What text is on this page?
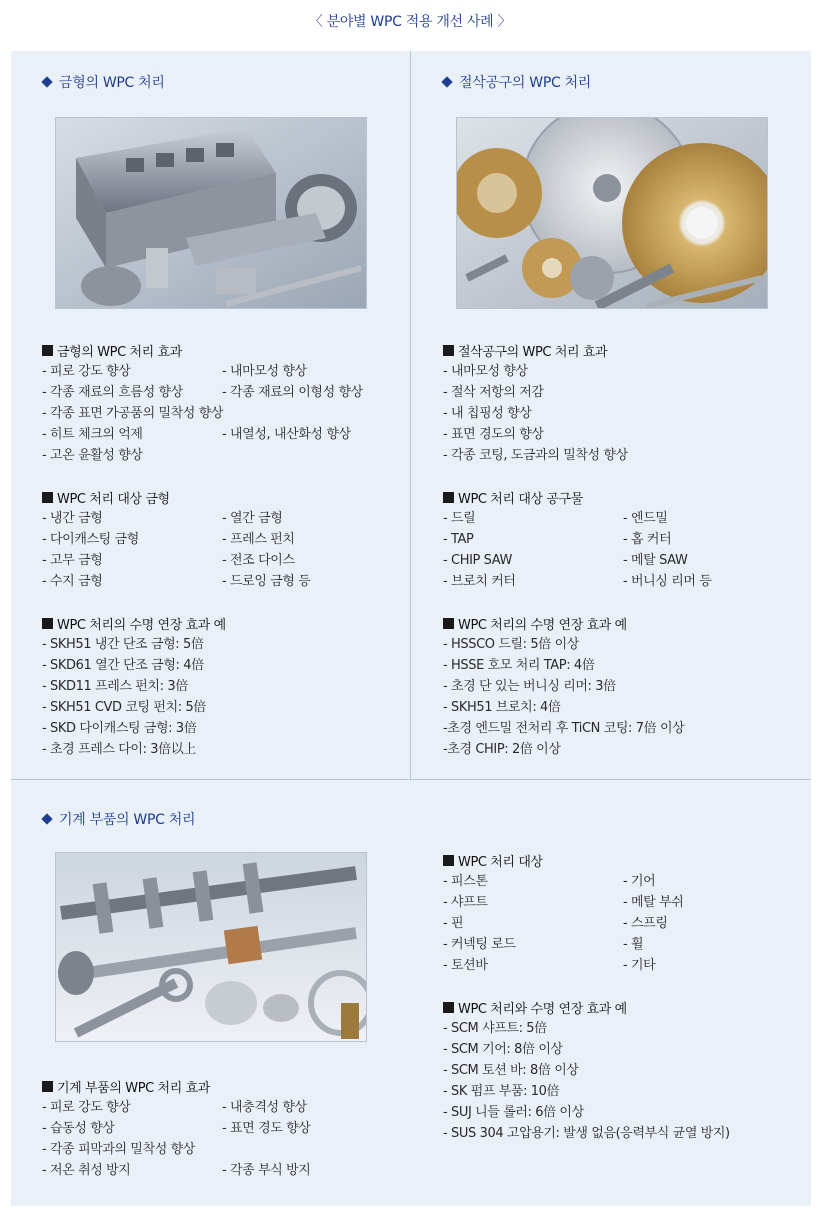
〈 분야별 WPC 적용 개선 사례 〉
금형의 WPC 처리
금형의 WPC 처리 효과
- 피로 강도 향상	- 내마모성 향상
- 각종 재료의 흐름성 향상	- 각종 재료의 이형성 향상
- 각종 표면 가공품의 밀착성 향상
- 히트 체크의 억제	- 내열성, 내산화성 향상
- 고온 윤활성 향상
WPC 처리 대상 금형
- 냉간 금형	- 열간 금형
- 다이캐스팅 금형	- 프레스 펀치
- 고무 금형	- 전조 다이스
- 수지 금형	- 드로잉 금형 등
WPC 처리의 수명 연장 효과 예
- SKH51 냉간 단조 금형: 5倍
- SKD61 열간 단조 금형: 4倍
- SKD11 프레스 펀치: 3倍
- SKH51 CVD 코팅 펀치: 5倍
- SKD 다이캐스팅 금형: 3倍
- 초경 프레스 다이: 3倍以上
절삭공구의 WPC 처리
절삭공구의 WPC 처리 효과
- 내마모성 향상
- 절삭 저항의 저감
- 내 칩핑성 향상
- 표면 경도의 향상
- 각종 코팅, 도금과의 밀착성 향상
WPC 처리 대상 공구물
- 드릴	- 엔드밀
- TAP	- 홉 커터
- CHIP SAW	- 메탈 SAW
- 브로치 커터	- 버니싱 리머 등
WPC 처리의 수명 연장 효과 예
- HSSCO 드릴: 5倍 이상
- HSSE 호모 처리 TAP: 4倍
- 초경 단 있는 버니싱 리머: 3倍
- SKH51 브로치: 4倍
-초경 엔드밀 전처리 후 TiCN 코팅: 7倍 이상
-초경 CHIP: 2倍 이상
기계 부품의 WPC 처리
기계 부품의 WPC 처리 효과
- 피로 강도 향상	- 내충격성 향상
- 습동성 향상	- 표면 경도 향상
- 각종 피막과의 밀착성 향상
- 저온 취성 방지	- 각종 부식 방지
WPC 처리 대상
- 피스톤	- 기어
- 샤프트	- 메탈 부쉬
- 핀	- 스프링
- 커넥팅 로드	- 휠
- 토션바	- 기타
WPC 처리와 수명 연장 효과 예
- SCM 샤프트: 5倍
- SCM 기어: 8倍 이상
- SCM 토션 바: 8倍 이상
- SK 펌프 부품: 10倍
- SUJ 니들 롤러: 6倍 이상
- SUS 304 고압용기: 발생 없음(응력부식 균열 방지)
